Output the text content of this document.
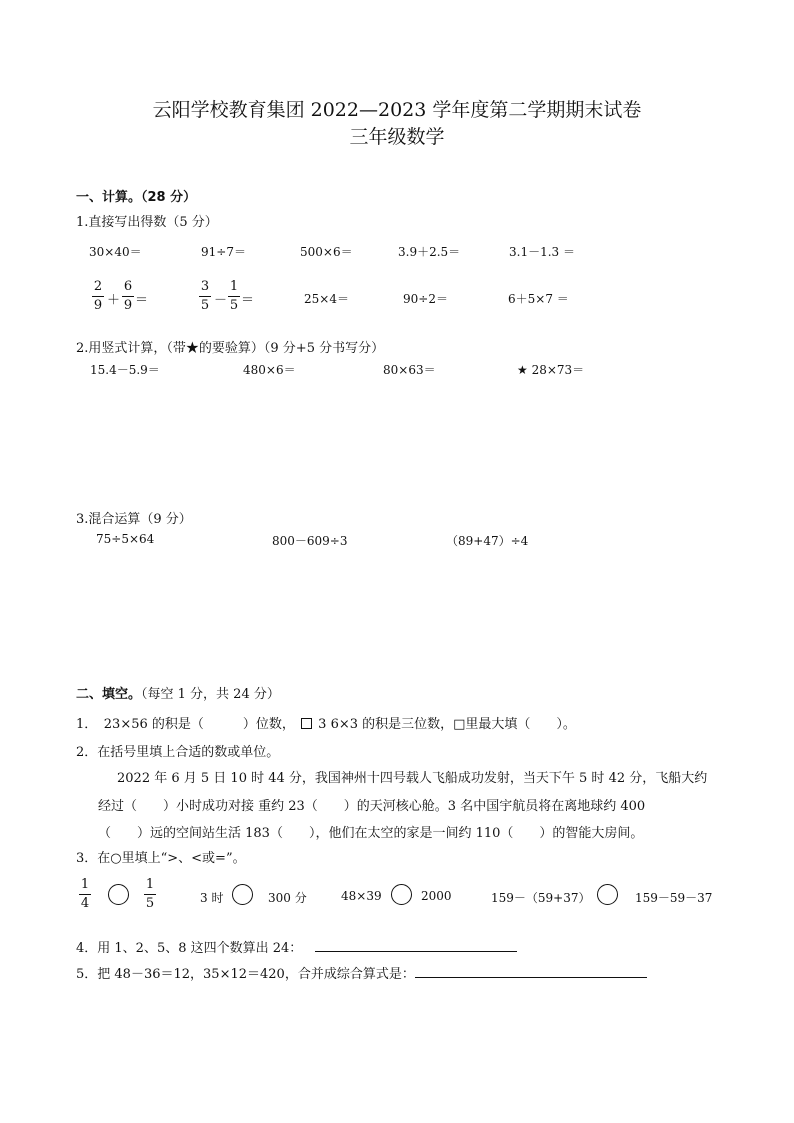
云阳学校教育集团 2022—2023 学年度第二学期期末试卷
三年级数学
一、计算。（28 分）
1.直接写出得数（5 分）
30×40＝	91÷7＝	500×6＝	3.9＋2.5＝	3.1－1.3 ＝
2
9 ＋
6
9 ＝
3
5 －
1
5 ＝	25×4＝	90÷2＝	6＋5×7 ＝
2.用竖式计算，（带★的要验算）（9 分+5 分书写分）
15.4－5.9＝	480×6＝	80×63＝	★ 28×73＝
3.混合运算（9 分）
75÷5×64	800－609÷3	（89+47）÷4
二、填空。（每空 1 分，共 24 分）
1．　23×56 的积是（　　　）位数， 3 6×3 的积是三位数，□里最大填（　　）。
2．在括号里填上合适的数或单位。
2022 年 6 月 5 日 10 时 44 分，我国神州十四号载人飞船成功发射，当天下午 5 时 42 分，飞船大约
经过（　　）小时成功对接 重约 23（　　）的天河核心舱。3 名中国宇航员将在离地球约 400
（　　）远的空间站生活 183（　　），他们在太空的家是一间约 110（　　）的智能大房间。
3．在○里填上“>、<或=”。
1
4
1
5	3 时	300 分	48×39	2000	159－（59+37）	159－59－37
4．用 1、2、5、8 这四个数算出 24：
5．把 48－36＝12，35×12＝420，合并成综合算式是：
